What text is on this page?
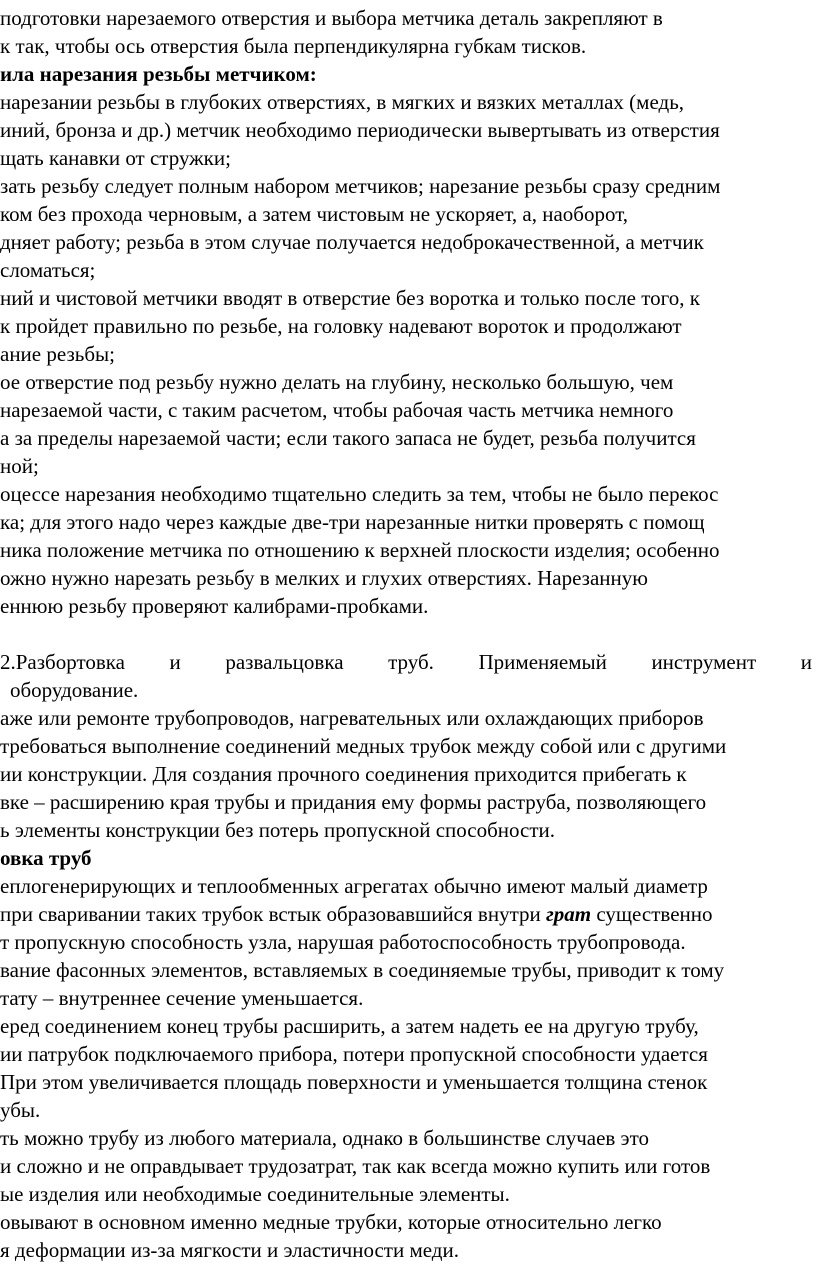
подготовки нарезаемого отверстия и выбора метчика деталь закрепляют в
к так, чтобы ось отверстия была перпендикулярна губкам тисков.
ила нарезания резьбы метчиком:
нарезании резьбы в глубоких отверстиях, в мягких и вязких металлах (медь,
иний, бронза и др.) метчик необходимо периодически вывертывать из отверстия
щать канавки от стружки;
зать резьбу следует полным набором метчиков; нарезание резьбы сразу средним
ком без прохода черновым, а затем чистовым не ускоряет, а, наоборот,
дняет работу; резьба в этом случае получается недоброкачественной, а метчик
сломаться;
ний и чистовой метчики вводят в отверстие без воротка и только после того, к
к пройдет правильно по резьбе, на головку надевают вороток и продолжают
ание резьбы;
ое отверстие под резьбу нужно делать на глубину, несколько большую, чем
нарезаемой части, с таким расчетом, чтобы рабочая часть метчика немного
а за пределы нарезаемой части; если такого запаса не будет, резьба получится
ной;
оцессе нарезания необходимо тщательно следить за тем, чтобы не было перекос
ка; для этого надо через каждые две-три нарезанные нитки проверять с помощ
ника положение метчика по отношению к верхней плоскости изделия; особенно
ожно нужно нарезать резьбу в мелких и глухих отверстиях. Нарезанную
еннюю резьбу проверяют калибрами-пробками.
2.Разбортовка и развальцовка труб. Применяемый инструмент и
оборудование.
аже или ремонте трубопроводов, нагревательных или охлаждающих приборов
требоваться выполнение соединений медных трубок между собой или с другими
ии конструкции. Для создания прочного соединения приходится прибегать к
вке – расширению края трубы и придания ему формы раструба, позволяющего
ь элементы конструкции без потерь пропускной способности.
овка труб
еплогенерирующих и теплообменных агрегатах обычно имеют малый диаметр
при сваривании таких трубок встык образовавшийся внутри грат существенно
т пропускную способность узла, нарушая работоспособность трубопровода.
вание фасонных элементов, вставляемых в соединяемые трубы, приводит к тому
тату – внутреннее сечение уменьшается.
еред соединением конец трубы расширить, а затем надеть ее на другую трубу,
ии патрубок подключаемого прибора, потери пропускной способности удается
При этом увеличивается площадь поверхности и уменьшается толщина стенок
убы.
ть можно трубу из любого материала, однако в большинстве случаев это
и сложно и не оправдывает трудозатрат, так как всегда можно купить или готов
ые изделия или необходимые соединительные элементы.
овывают в основном именно медные трубки, которые относительно легко
я деформации из-за мягкости и эластичности меди.
